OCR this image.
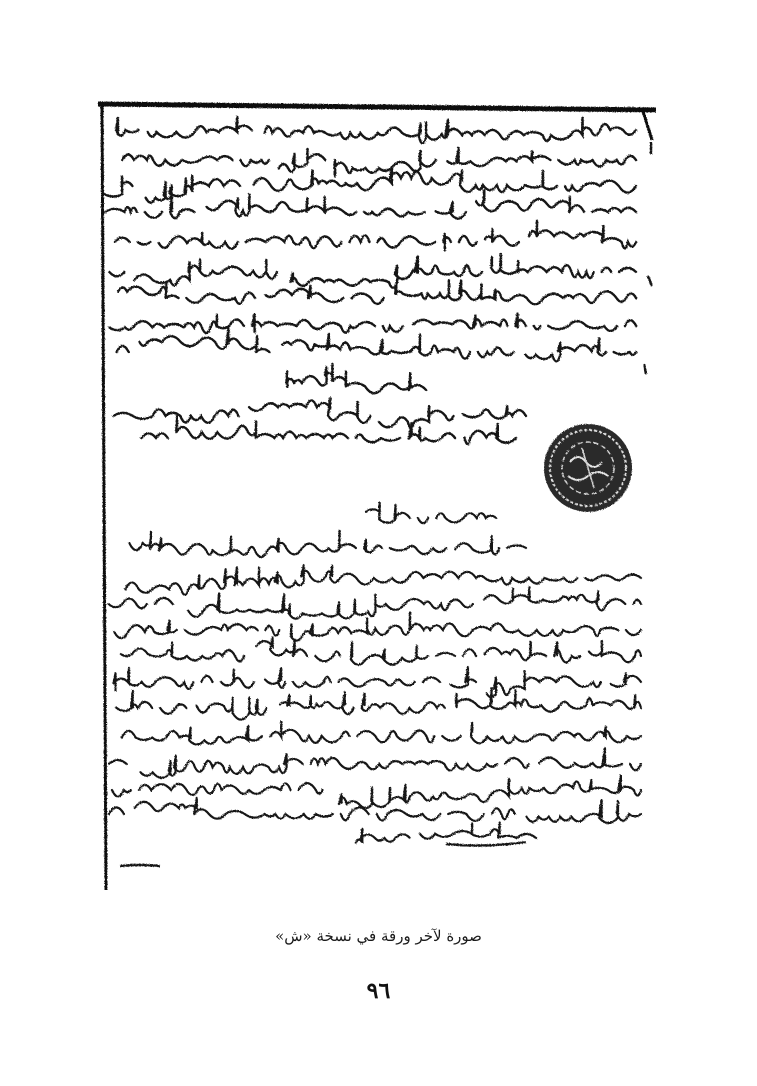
صورة لآخر ورقة في نسخة «ش»
٩٦
